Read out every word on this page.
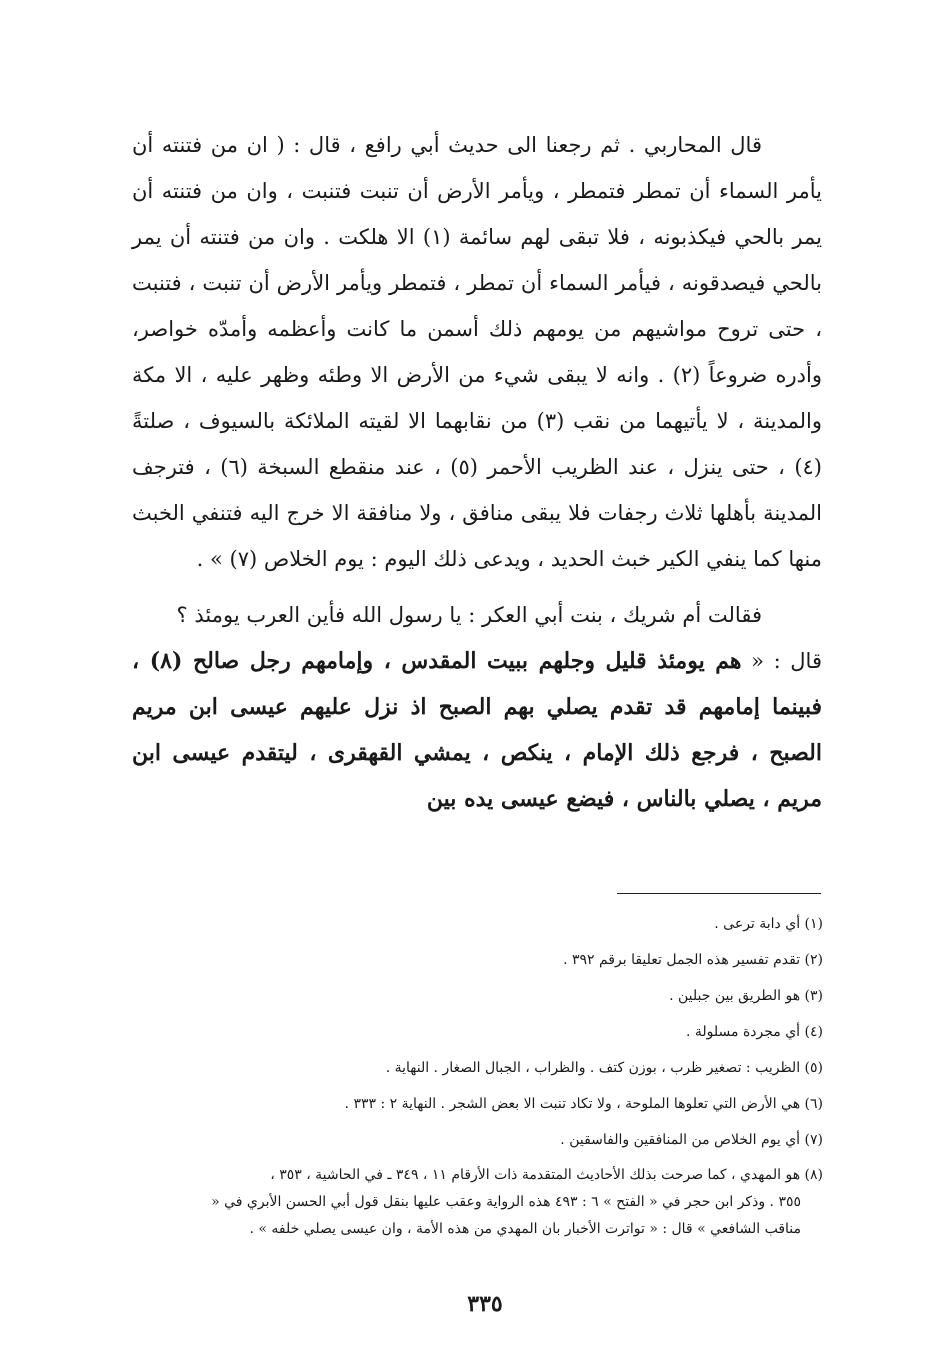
قال المحاربي . ثم رجعنا الى حديث أبي رافع ، قال : ( ان من فتنته أن يأمر السماء أن تمطر فتمطر ، ويأمر الأرض أن تنبت فتنبت ، وان من فتنته أن يمر بالحي فيكذبونه ، فلا تبقى لهم سائمة (١) الا هلكت . وان من فتنته أن يمر بالحي فيصدقونه ، فيأمر السماء أن تمطر ، فتمطر ويأمر الأرض أن تنبت ، فتنبت ، حتى تروح مواشيهم من يومهم ذلك أسمن ما كانت وأعظمه وأمدّه خواصر، وأدره ضروعاً (٢) . وانه لا يبقى شيء من الأرض الا وطئه وظهر عليه ، الا مكة والمدينة ، لا يأتيهما من نقب (٣) من نقابهما الا لقيته الملائكة بالسيوف ، صلتةً (٤) ، حتى ينزل ، عند الظريب الأحمر (٥) ، عند منقطع السبخة (٦) ، فترجف المدينة بأهلها ثلاث رجفات فلا يبقى منافق ، ولا منافقة الا خرج اليه فتنفي الخبث منها كما ينفي الكير خبث الحديد ، ويدعى ذلك اليوم : يوم الخلاص (٧) » .

فقالت أم شريك ، بنت أبي العكر : يا رسول الله فأين العرب يومئذ ؟
قال : « هم يومئذ قليل وجلهم ببيت المقدس ، وإمامهم رجل صالح (٨) ، فبينما إمامهم قد تقدم يصلي بهم الصبح اذ نزل عليهم عيسى ابن مريم الصبح ، فرجع ذلك الإمام ، ينكص ، يمشي القهقرى ، ليتقدم عيسى ابن مريم ، يصلي بالناس ، فيضع عيسى يده بين

(١) أي دابة ترعى .

(٢) تقدم تفسير هذه الجمل تعليقا برقم ٣٩٢ .

(٣) هو الطريق بين جبلين .

(٤) أي مجردة مسلولة .

(٥) الظريب : تصغير ظرب ، بوزن كتف . والظراب ، الجبال الصغار . النهاية .

(٦) هي الأرض التي تعلوها الملوحة ، ولا تكاد تنبت الا بعض الشجر . النهاية ٢ : ٣٣٣ .

(٧) أي يوم الخلاص من المنافقين والفاسقين .

(٨) هو المهدي ، كما صرحت بذلك الأحاديث المتقدمة ذات الأرقام ١١ ، ٣٤٩ ـ في الحاشية ، ٣٥٣ ،
٣٥٥ . وذكر ابن حجر في « الفتح » ٦ : ٤٩٣ هذه الرواية وعقب عليها بنقل قول أبي الحسن الأبري في « مناقب الشافعي » قال : « تواترت الأخبار بان المهدي من هذه الأمة ، وان عيسى يصلي خلفه » .

٣٣٥
